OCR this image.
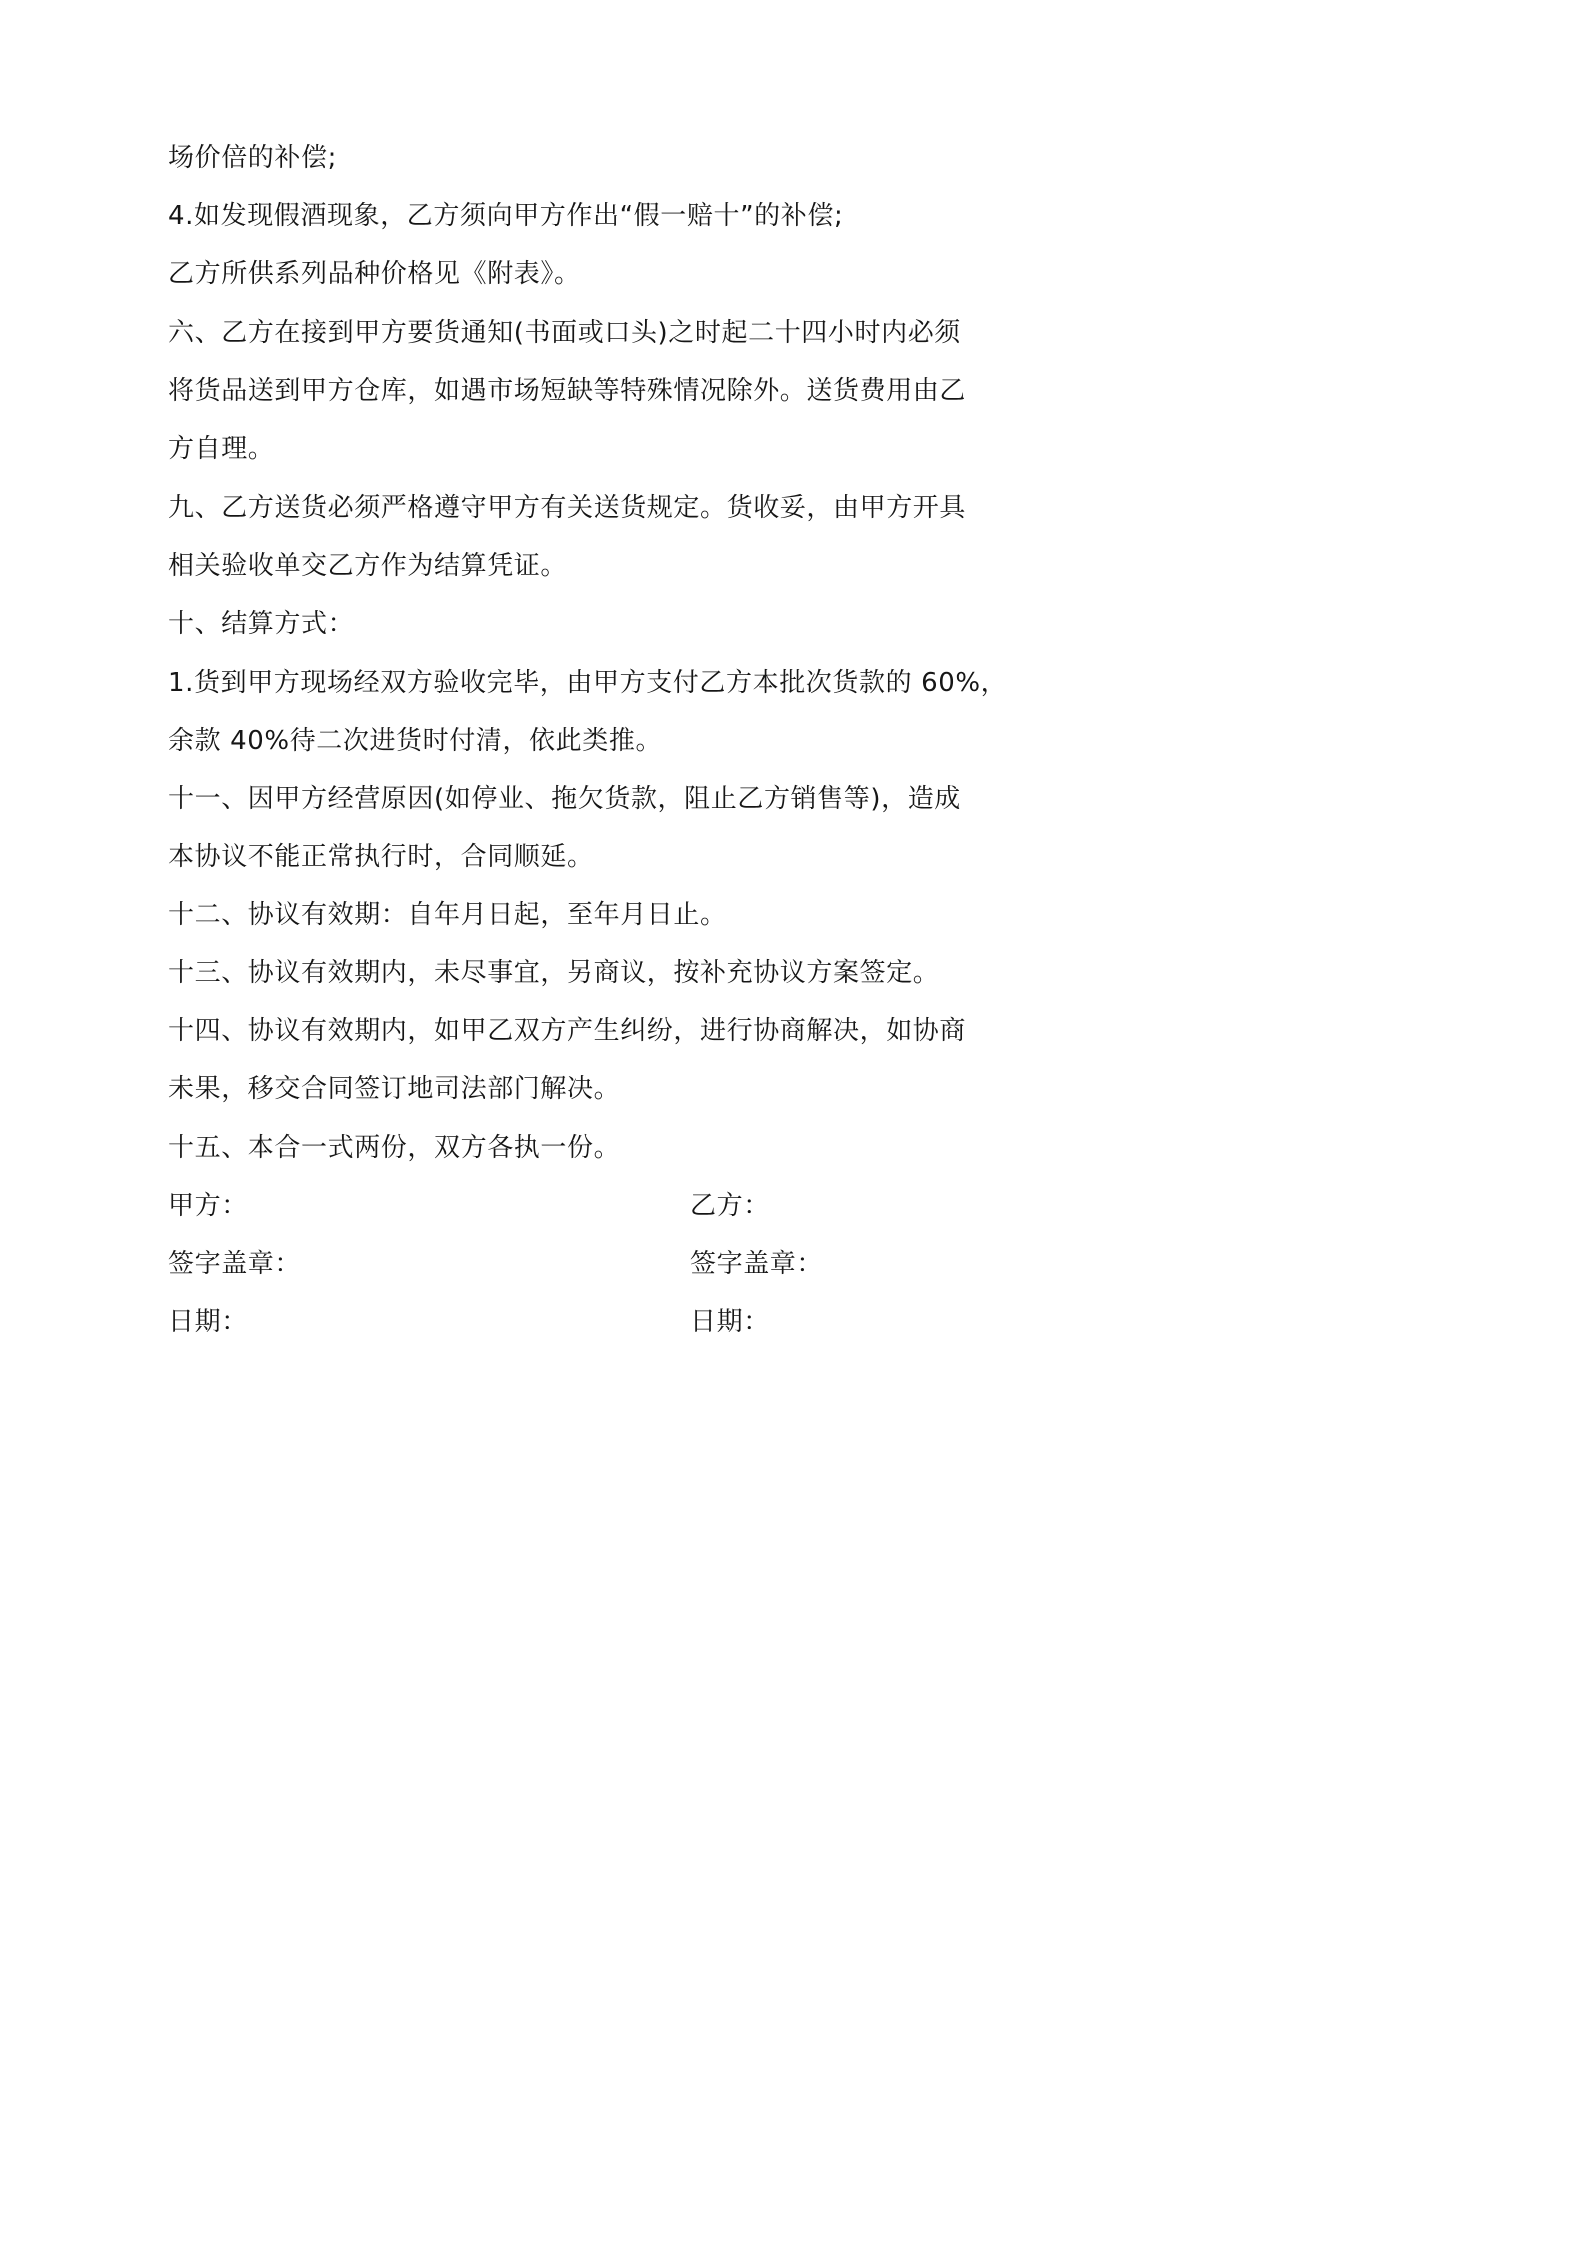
场价倍的补偿;
4.如发现假酒现象，乙方须向甲方作出“假一赔十”的补偿;
乙方所供系列品种价格见《附表》。
六、乙方在接到甲方要货通知(书面或口头)之时起二十四小时内必须
将货品送到甲方仓库，如遇市场短缺等特殊情况除外。送货费用由乙
方自理。
九、乙方送货必须严格遵守甲方有关送货规定。货收妥，由甲方开具
相关验收单交乙方作为结算凭证。
十、结算方式：
1.货到甲方现场经双方验收完毕，由甲方支付乙方本批次货款的 60%，
余款 40%待二次进货时付清，依此类推。
十一、因甲方经营原因(如停业、拖欠货款，阻止乙方销售等)，造成
本协议不能正常执行时，合同顺延。
十二、协议有效期：自年月日起，至年月日止。
十三、协议有效期内，未尽事宜，另商议，按补充协议方案签定。
十四、协议有效期内，如甲乙双方产生纠纷，进行协商解决，如协商
未果，移交合同签订地司法部门解决。
十五、本合一式两份，双方各执一份。
甲方：	乙方：
签字盖章：	签字盖章：
日期：	日期：
